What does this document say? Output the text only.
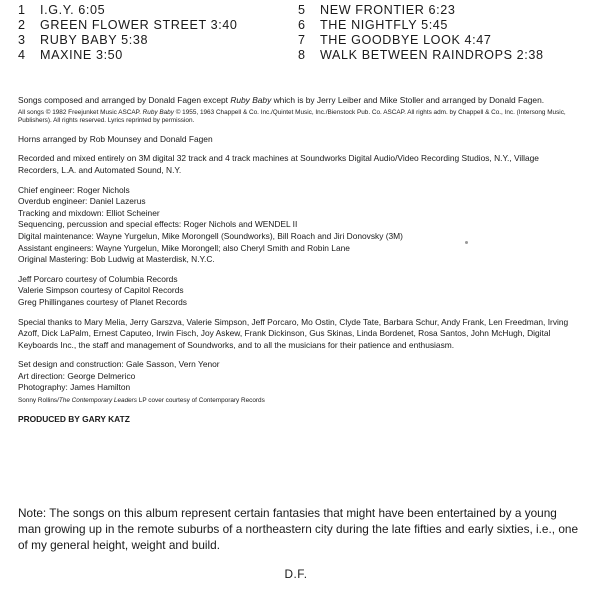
1	I.G.Y. 6:05	5	NEW FRONTIER 6:23
2	GREEN FLOWER STREET 3:40	6	THE NIGHTFLY 5:45
3	RUBY BABY 5:38	7	THE GOODBYE LOOK 4:47
4	MAXINE 3:50	8	WALK BETWEEN RAINDROPS 2:38

Songs composed and arranged by Donald Fagen except Ruby Baby which is by Jerry Leiber and Mike Stoller and arranged by Donald Fagen.

All songs © 1982 Freejunket Music ASCAP. Ruby Baby © 1955, 1963 Chappell & Co. Inc./Quintet Music, Inc./Bienstock Pub. Co. ASCAP. All rights adm. by Chappell & Co., Inc. (Intersong Music, Publishers). All rights reserved. Lyrics reprinted by permission.

Horns arranged by Rob Mounsey and Donald Fagen

Recorded and mixed entirely on 3M digital 32 track and 4 track machines at Soundworks Digital Audio/Video Recording Studios, N.Y., Village Recorders, L.A. and Automated Sound, N.Y.

Chief engineer: Roger Nichols
Overdub engineer: Daniel Lazerus
Tracking and mixdown: Elliot Scheiner
Sequencing, percussion and special effects: Roger Nichols and WENDEL II
Digital maintenance: Wayne Yurgelun, Mike Morongell (Soundworks), Bill Roach and Jiri Donovsky (3M)
Assistant engineers: Wayne Yurgelun, Mike Morongell; also Cheryl Smith and Robin Lane
Original Mastering: Bob Ludwig at Masterdisk, N.Y.C.

Jeff Porcaro courtesy of Columbia Records
Valerie Simpson courtesy of Capitol Records
Greg Phillinganes courtesy of Planet Records

Special thanks to Mary Melia, Jerry Garszva, Valerie Simpson, Jeff Porcaro, Mo Ostin, Clyde Tate, Barbara Schur, Andy Frank, Len Freedman, Irving Azoff, Dick LaPalm, Ernest Caputeo, Irwin Fisch, Joy Askew, Frank Dickinson, Gus Skinas, Linda Bordenet, Rosa Santos, John McHugh, Digital Keyboards Inc., the staff and management of Soundworks, and to all the musicians for their patience and enthusiasm.

Set design and construction: Gale Sasson, Vern Yenor
Art direction: George Delmerico
Photography: James Hamilton

Sonny Rollins/The Contemporary Leaders LP cover courtesy of Contemporary Records

PRODUCED BY GARY KATZ

Note: The songs on this album represent certain fantasies that might have been entertained by a young man growing up in the remote suburbs of a northeastern city during the late fifties and early sixties, i.e., one of my general height, weight and build.
D.F.
